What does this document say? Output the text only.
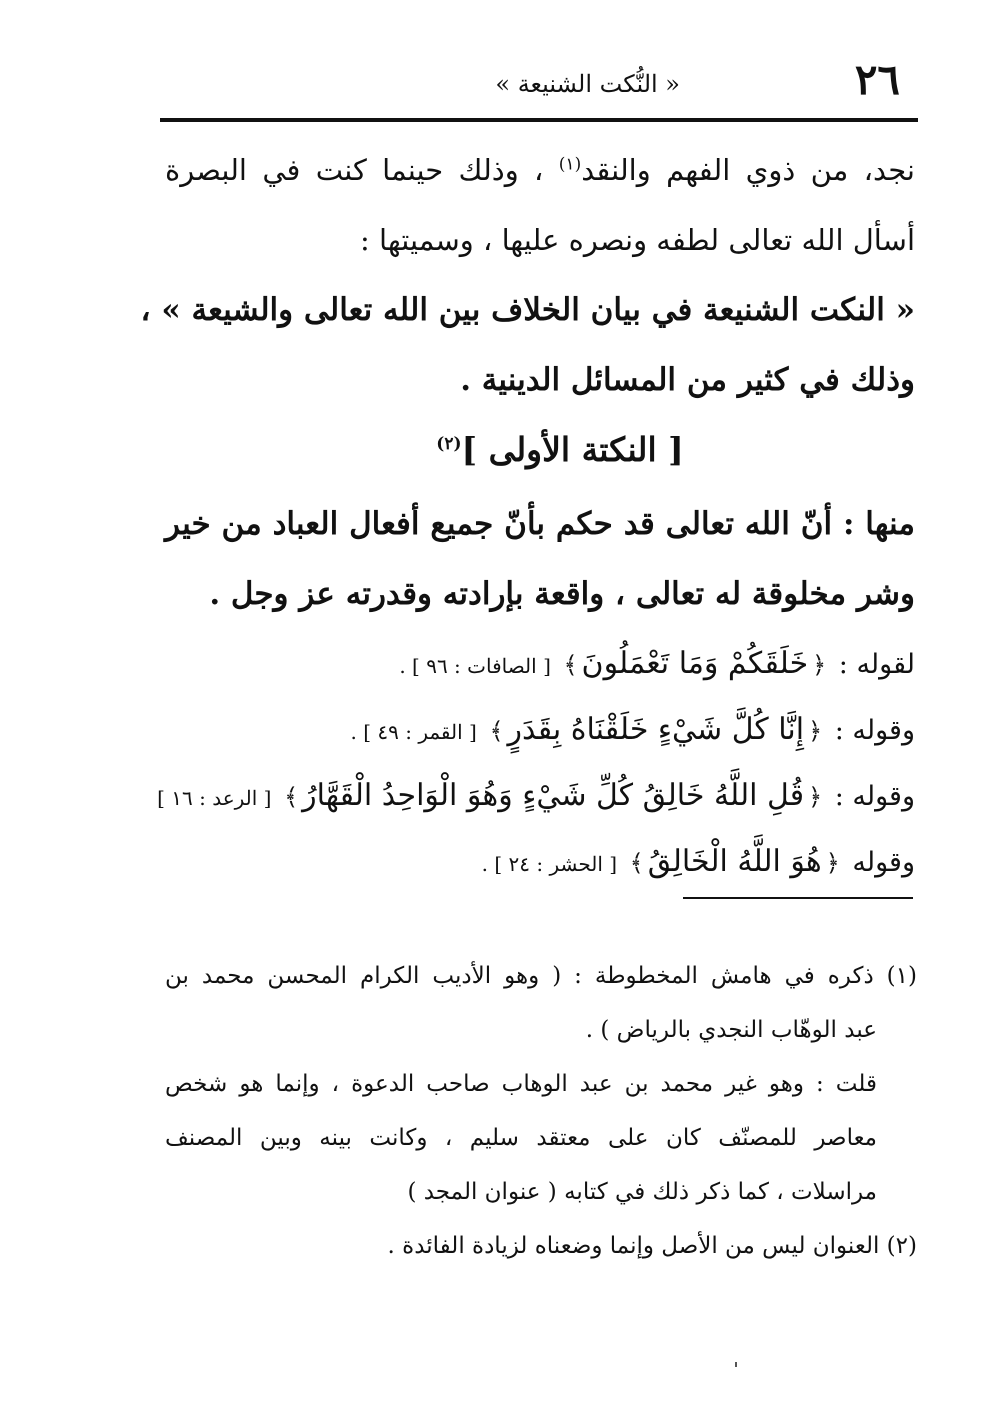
٢٦
« النُّكت الشنيعة »
نجد، من ذوي الفهم والنقد$^{(١)}$ ، وذلك حينما كنت في البصرة
أسأل الله تعالى لطفه ونصره عليها ، وسميتها :
« النكت الشنيعة في بيان الخلاف بين الله تعالى والشيعة » ،
وذلك في كثير من المسائل الدينية .
[ النكتة الأولى ]$^{(٢)}$
منها : أنّ الله تعالى قد حكم بأنّ جميع أفعال العباد من خير
وشر مخلوقة له تعالى ، واقعة بإرادته وقدرته عز وجل .
لقوله : ﴿خَلَقَكُمْ وَمَا تَعْمَلُونَ﴾ [ الصافات : ٩٦ ] .
وقوله : ﴿إِنَّا كُلَّ شَيْءٍ خَلَقْنَاهُ بِقَدَرٍ﴾ [ القمر : ٤٩ ] .
وقوله : ﴿قُلِ اللَّهُ خَالِقُ كُلِّ شَيْءٍ وَهُوَ الْوَاحِدُ الْقَهَّارُ﴾ [ الرعد : ١٦ ]
وقوله ﴿هُوَ اللَّهُ الْخَالِقُ﴾ [ الحشر : ٢٤ ] .
(١) ذكره في هامش المخطوطة : ( وهو الأديب الكرام المحسن محمد بن
عبد الوهّاب النجدي بالرياض ) .
قلت : وهو غير محمد بن عبد الوهاب صاحب الدعوة ، وإنما هو شخص
معاصر للمصنّف كان على معتقد سليم ، وكانت بينه وبين المصنف
مراسلات ، كما ذكر ذلك في كتابه ( عنوان المجد )
(٢) العنوان ليس من الأصل وإنما وضعناه لزيادة الفائدة .
